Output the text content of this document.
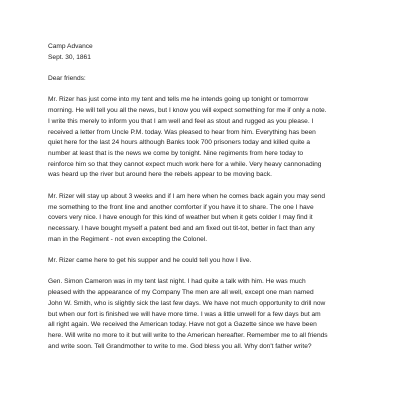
Camp Advance
Sept. 30, 1861
Dear friends:
Mr. Rizer has just come into my tent and tells me he intends going up tonight or tomorrow
morning. He will tell you all the news, but I know you will expect something for me if only a note.
I write this merely to inform you that I am well and feel as stout and rugged as you please. I
received a letter from Uncle P.M. today. Was pleased to hear from him. Everything has been
quiet here for the last 24 hours although Banks took 700 prisoners today and killed quite a
number at least that is the news we come by tonight. Nine regiments from here today to
reinforce him so that they cannot expect much work here for a while. Very heavy cannonading
was heard up the river but around here the rebels appear to be moving back.
Mr. Rizer will stay up about 3 weeks and if I am here when he comes back again you may send
me something to the front line and another comforter if you have it to share. The one I have
covers very nice. I have enough for this kind of weather but when it gets colder I may find it
necessary. I have bought myself a patent bed and am fixed out tit-tot, better in fact than any
man in the Regiment - not even excepting the Colonel.
Mr. Rizer came here to get his supper and he could tell you how I live.
Gen. Simon Cameron was in my tent last night. I had quite a talk with him. He was much
pleased with the appearance of my Company The men are all well, except one man named
John W. Smith, who is slightly sick the last few days. We have not much opportunity to drill now
but when our fort is finished we will have more time. I was a little unwell for a few days but am
all right again. We received the American today. Have not got a Gazette since we have been
here. Will write no more to it but will write to the American hereafter. Remember me to all friends
and write soon. Tell Grandmother to write to me. God bless you all. Why don't father write?
